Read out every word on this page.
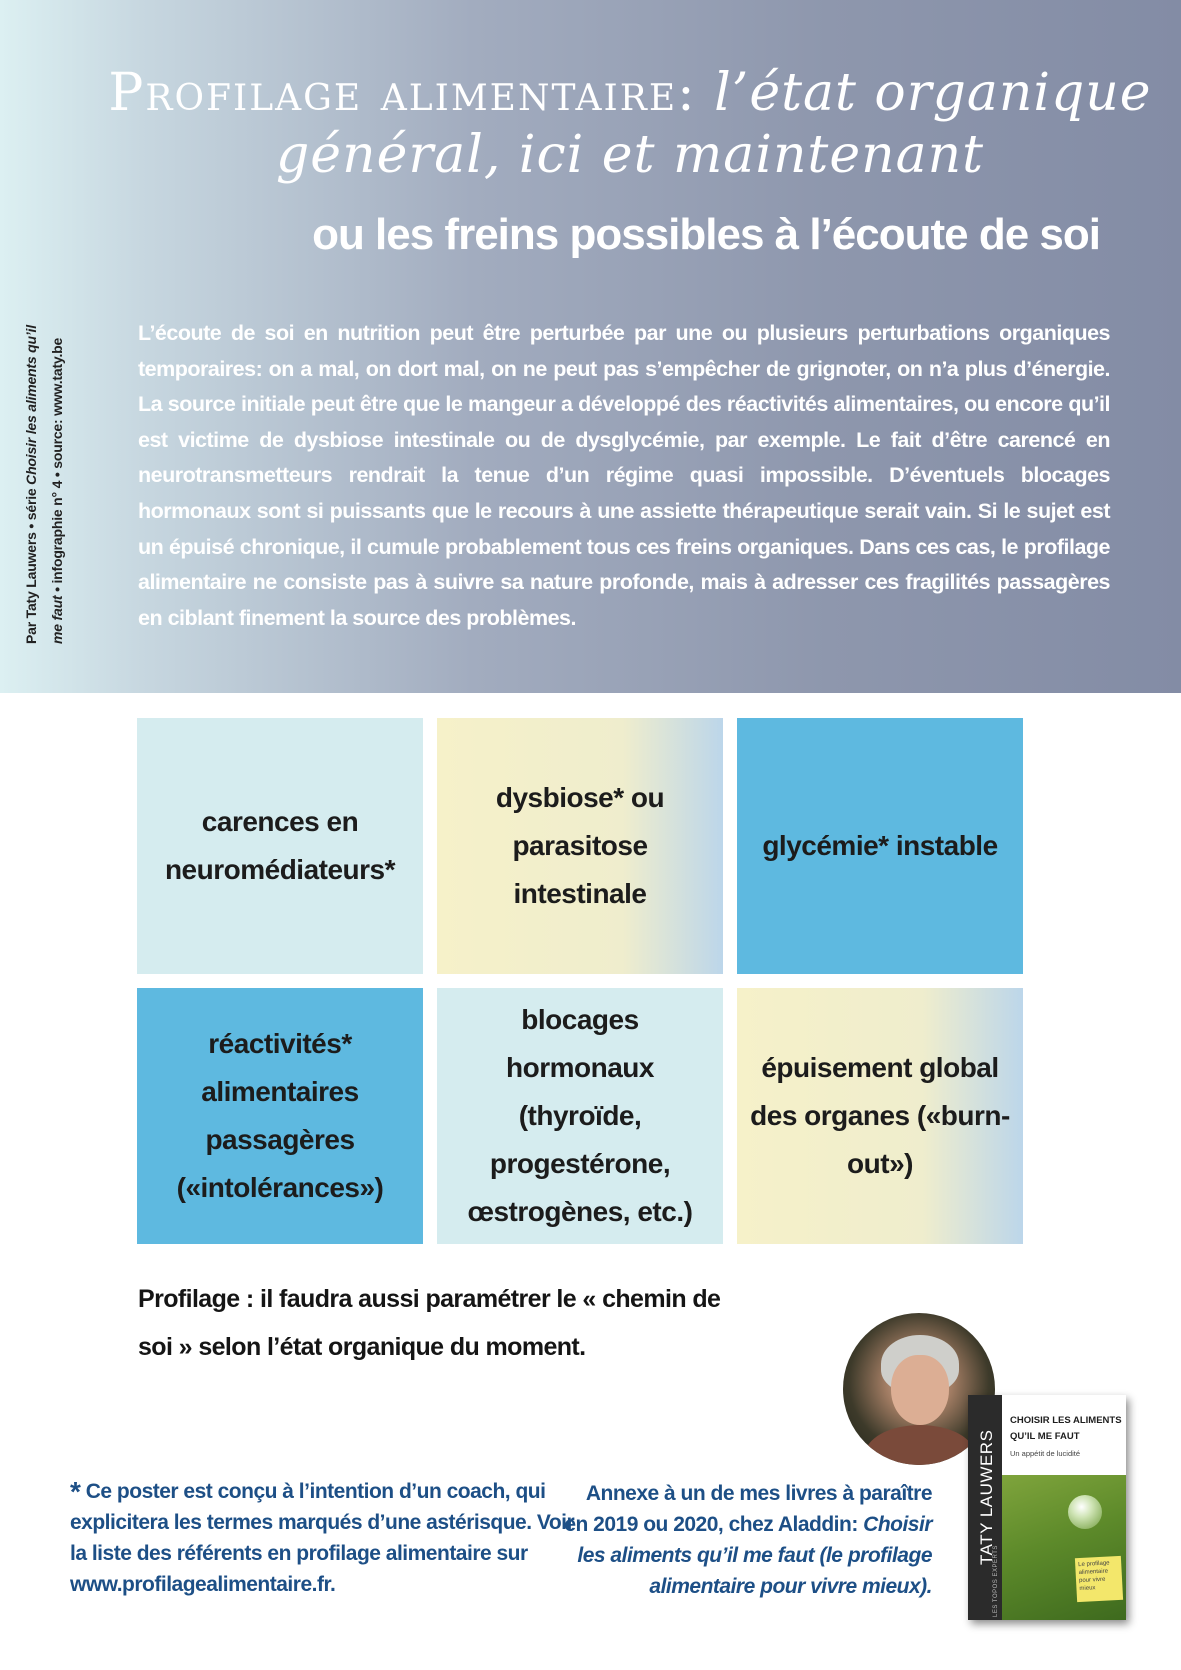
Par Taty Lauwers • série Choisir les aliments qu’il
me faut • infographie n° 4 • source: www.taty.be
Profilage alimentaire: l’état organique
général, ici et maintenant
ou les freins possibles à l’écoute de soi
L’écoute de soi en nutrition peut être perturbée par une ou plusieurs perturbations organiques temporaires: on a mal, on dort mal, on ne peut pas s’empêcher de grignoter, on n’a plus d’énergie. La source initiale peut être que le mangeur a développé des réactivités alimentaires, ou encore qu’il est victime de dysbiose intestinale ou de dysglycémie, par exemple. Le fait d’être carencé en neurotransmetteurs rendrait la tenue d’un régime quasi impossible. D’éventuels blocages hormonaux sont si puissants que le recours à une assiette thérapeutique serait vain. Si le sujet est un épuisé chronique, il cumule probablement tous ces freins organiques. Dans ces cas, le profilage alimentaire ne consiste pas à suivre sa nature profonde, mais à adresser ces fragilités passagères en ciblant finement la source des problèmes.
carences en neuromédiateurs*
dysbiose* ou parasitose intestinale
glycémie* instable
réactivités* alimentaires passagères («intolérances»)
blocages hormonaux (thyroïde, progestérone, œstrogènes, etc.)
épuisement global des organes («burn-out»)
Profilage : il faudra aussi paramétrer le « chemin de soi » selon l’état organique du moment.
* Ce poster est conçu à l’intention d’un coach, qui explicitera les termes marqués d’une astérisque. Voir la liste des référents en profilage alimentaire sur www.profilagealimentaire.fr.
Annexe à un de mes livres à paraître en 2019 ou 2020, chez Aladdin: Choisir les aliments qu’il me faut (le profilage alimentaire pour vivre mieux).
TATY LAUWERS
LES TOPOS EXPERTS
CHOISIR LES ALIMENTS QU’IL ME FAUT
Un appétit de lucidité
Le profilage alimentaire pour vivre mieux
